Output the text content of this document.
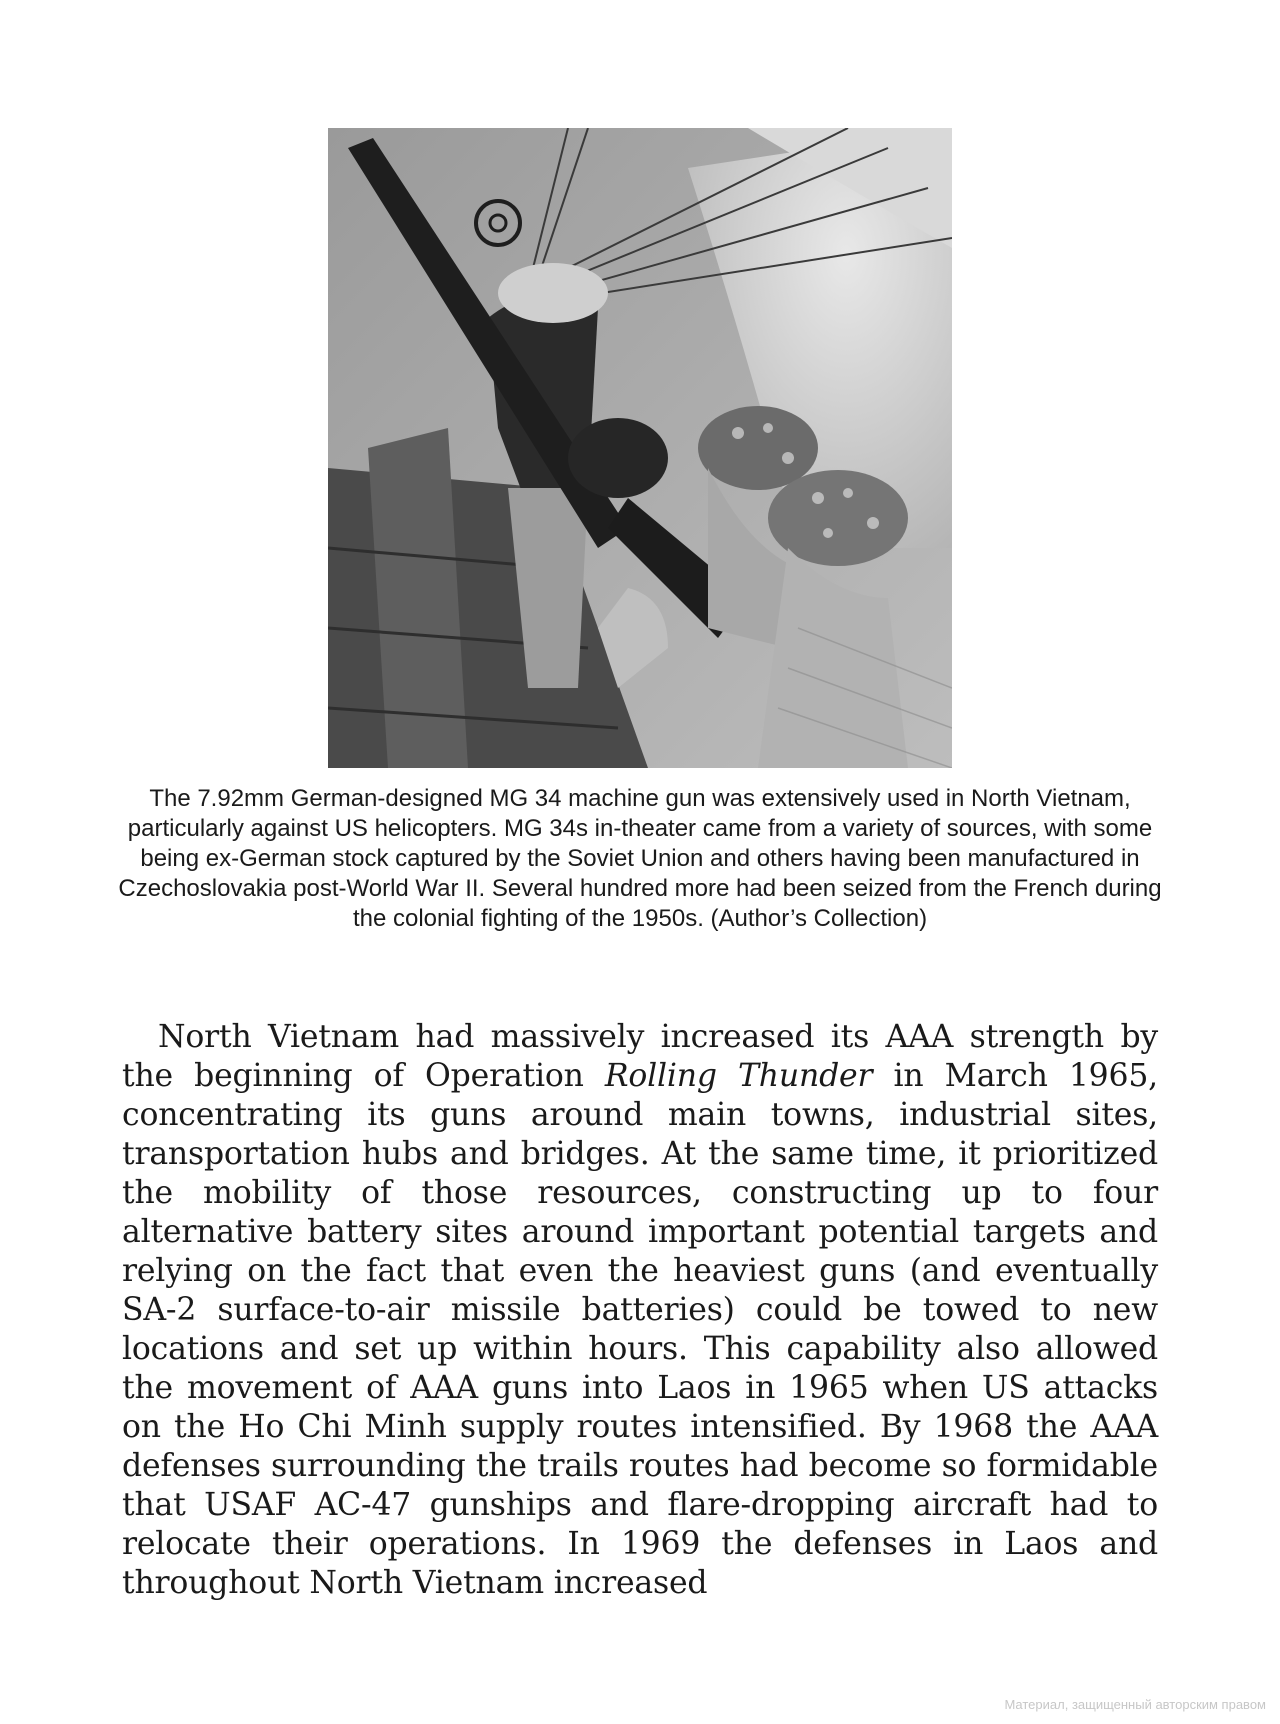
The 7.92mm German-designed MG 34 machine gun was extensively used in North Vietnam, particularly against US helicopters. MG 34s in-theater came from a variety of sources, with some being ex-German stock captured by the Soviet Union and others having been manufactured in Czechoslovakia post-World War II. Several hundred more had been seized from the French during the colonial fighting of the 1950s. (Author’s Collection)

North Vietnam had massively increased its AAA strength by the beginning of Operation Rolling Thunder in March 1965, concentrating its guns around main towns, industrial sites, transportation hubs and bridges. At the same time, it prioritized the mobility of those resources, constructing up to four alternative battery sites around important potential targets and relying on the fact that even the heaviest guns (and eventually SA-2 surface-to-air missile batteries) could be towed to new locations and set up within hours. This capability also allowed the movement of AAA guns into Laos in 1965 when US attacks on the Ho Chi Minh supply routes intensified. By 1968 the AAA defenses surrounding the trails routes had become so formidable that USAF AC-47 gunships and flare-dropping aircraft had to relocate their operations. In 1969 the defenses in Laos and throughout North Vietnam increased

Материал, защищенный авторским правом
